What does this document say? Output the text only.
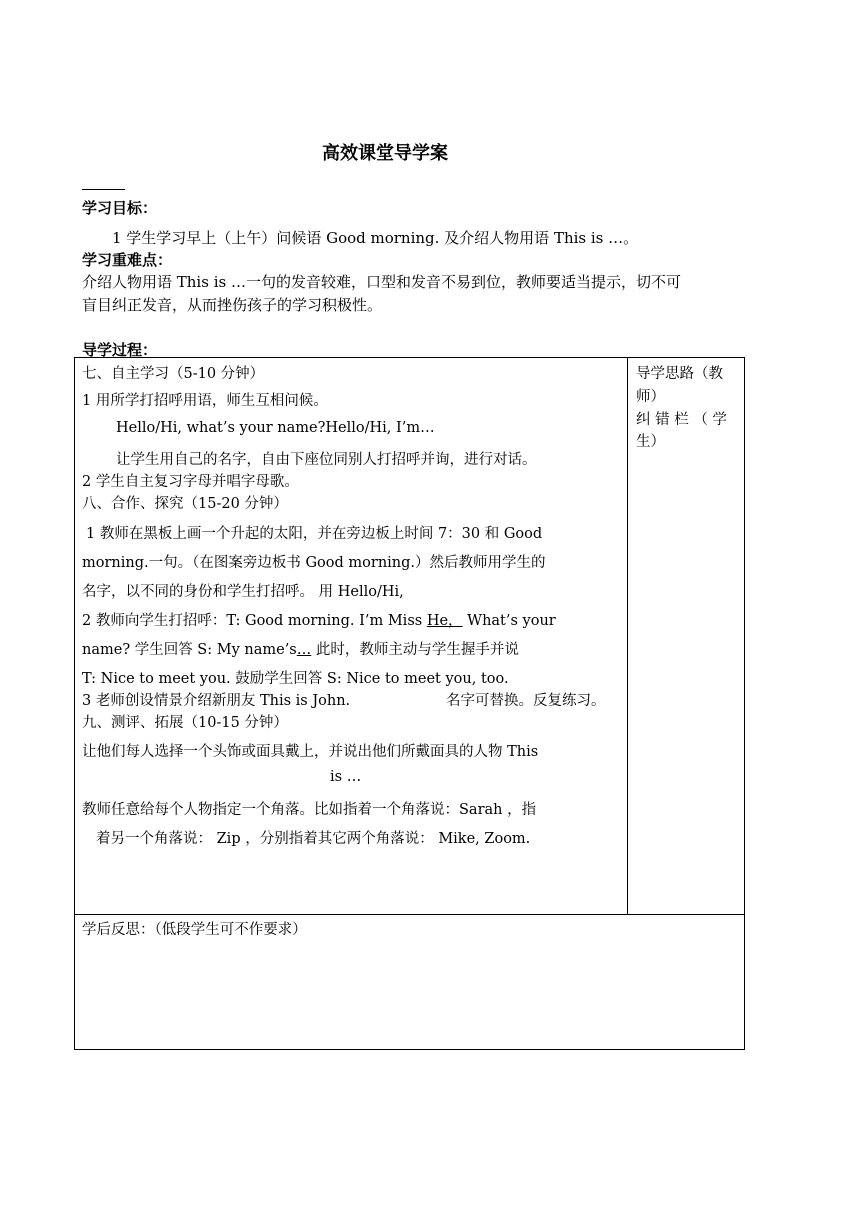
高效课堂导学案
学习目标：
1 学生学习早上（上午）问候语 Good morning. 及介绍人物用语 This is …。
学习重难点：
介绍人物用语 This is …一句的发音较难，口型和发音不易到位，教师要适当提示，切不可
盲目纠正发音，从而挫伤孩子的学习积极性。
导学过程：
导学思路（教
师）
纠 错 栏 （ 学
生）
七、自主学习（5-10 分钟）
1 用所学打招呼用语，师生互相问候。
Hello/Hi, what’s your name?Hello/Hi, I’m…
让学生用自己的名字，自由下座位同别人打招呼并询，进行对话。
2 学生自主复习字母并唱字母歌。
八、合作、探究（15-20 分钟）
1 教师在黑板上画一个升起的太阳，并在旁边板上时间 7：30 和 Good
morning.一句。（在图案旁边板书 Good morning.）然后教师用学生的
名字，以不同的身份和学生打招呼。 用 Hello/Hi,
2 教师向学生打招呼：T: Good morning. I’m Miss He， What’s your
name? 学生回答 S: My name’s… 此时，教师主动与学生握手并说
T: Nice to meet you. 鼓励学生回答 S: Nice to meet you, too.
3 老师创设情景介绍新朋友 This is John.	名字可替换。反复练习。
九、测评、拓展（10-15 分钟）
让他们每人选择一个头饰或面具戴上，并说出他们所戴面具的人物 This
is …
教师任意给每个人物指定一个角落。比如指着一个角落说：Sarah ，指
着另一个角落说： Zip ，分别指着其它两个角落说： Mike, Zoom.
学后反思：（低段学生可不作要求）
